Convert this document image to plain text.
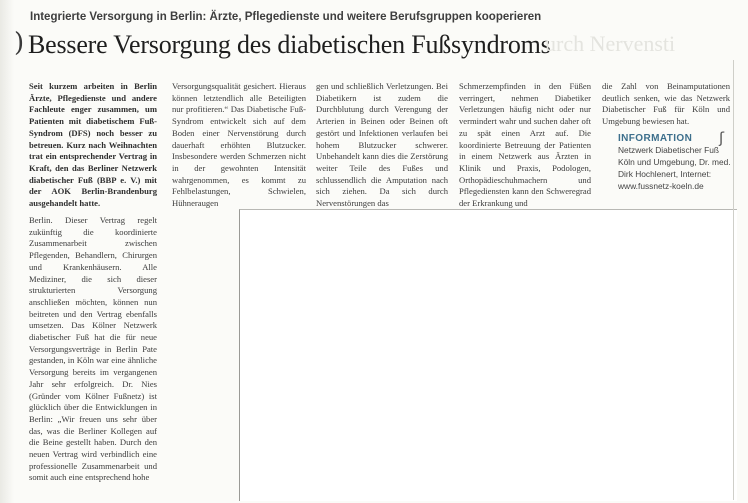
Integrierte Versorgung in Berlin: Ärzte, Pflegedienste und weitere Berufsgruppen kooperieren
) Bessere Versorgung des diabetischen Fußsyndroms
urch Nervensti

Seit kurzem arbeiten in Berlin Ärzte, Pflegedienste und andere Fachleute enger zusammen, um Patienten mit diabetischem Fuß-Syndrom (DFS) noch besser zu betreuen. Kurz nach Weihnachten trat ein entsprechender Vertrag in Kraft, den das Berliner Netzwerk diabetischer Fuß (BBP e. V.) mit der AOK Berlin-Brandenburg ausgehandelt hatte.

Berlin. Dieser Vertrag regelt zukünftig die koordinierte Zusammenarbeit zwischen Pflegenden, Behandlern, Chirurgen und Krankenhäusern. Alle Mediziner, die sich dieser strukturierten Versorgung anschließen möchten, können nun beitreten und den Vertrag ebenfalls umsetzen. Das Kölner Netzwerk diabetischer Fuß hat die für neue Versorgungsverträge in Berlin Pate gestanden, in Köln war eine ähnliche Versorgung bereits im vergangenen Jahr sehr erfolgreich. Dr. Nies (Gründer vom Kölner Fußnetz) ist glücklich über die Entwicklungen in Berlin: „Wir freuen uns sehr über das, was die Berliner Kollegen auf die Beine gestellt haben. Durch den neuen Vertrag wird verbindlich eine professionelle Zusammenarbeit und somit auch eine entsprechend hohe

Versorgungsqualität gesichert. Hieraus können letztendlich alle Beteiligten nur profitieren.“ Das Diabetische Fuß-Syndrom entwickelt sich auf dem Boden einer Nervenstörung durch dauerhaft erhöhten Blutzucker. Insbesondere werden Schmerzen nicht in der gewohnten Intensität wahrgenommen, es kommt zu Fehlbelastungen, Schwielen, Hühneraugen

gen und schließlich Verletzungen. Bei Diabetikern ist zudem die Durchblutung durch Verengung der Arterien in Beinen oder Beinen oft gestört und Infektionen verlaufen bei hohem Blutzucker schwerer. Unbehandelt kann dies die Zerstörung weiter Teile des Fußes und schlussendlich die Amputation nach sich ziehen. Da sich durch Nervenstörungen das

Schmerzempfinden in den Füßen verringert, nehmen Diabetiker Verletzungen häufig nicht oder nur vermindert wahr und suchen daher oft zu spät einen Arzt auf. Die koordinierte Betreuung der Patienten in einem Netzwerk aus Ärzten in Klinik und Praxis, Podologen, Orthopädieschuhmachern und Pflegediensten kann den Schweregrad der Erkrankung und

die Zahl von Beinamputationen deutlich senken, wie das Netzwerk Diabetischer Fuß für Köln und Umgebung bewiesen hat.

INFORMATION
Netzwerk Diabetischer Fuß
Köln und Umgebung, Dr. med.
Dirk Hochlenert, Internet:
www.fussnetz-koeln.de
ʃ
